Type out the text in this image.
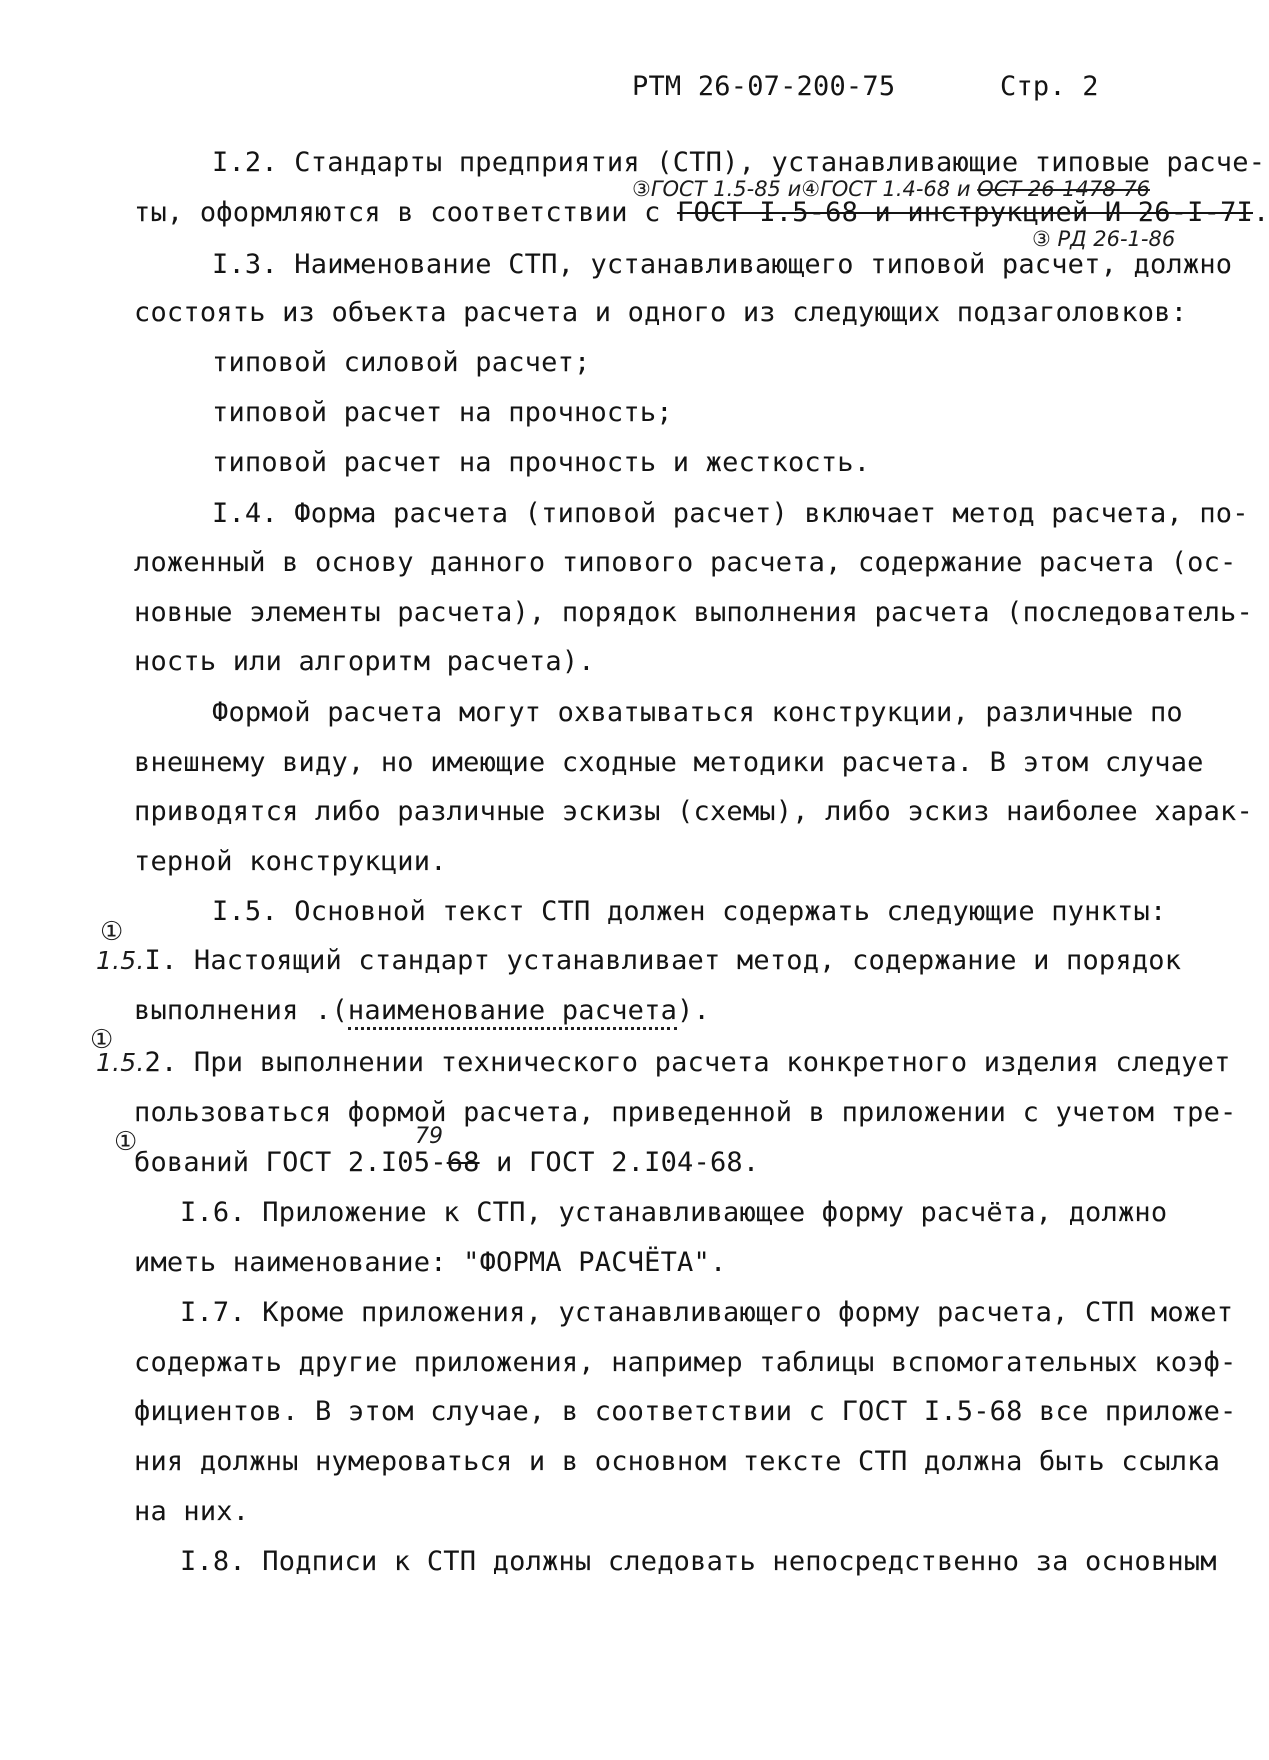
РТМ 26-07-200-75	Стр. 2
I.2. Стандарты предприятия (СТП), устанавливающие типовые расче-
③ГОСТ 1.5-85 и④ГОСТ 1.4-68 и ОСТ 26-1478-76
ты, оформляются в соответствии с ГОСТ I.5-68 и инструкцией И 26-I-7I.
③ РД 26-1-86
I.3. Наименование СТП, устанавливающего типовой расчет, должно
состоять из объекта расчета и одного из следующих подзаголовков:
типовой силовой расчет;
типовой расчет на прочность;
типовой расчет на прочность и жесткость.
I.4. Форма расчета (типовой расчет) включает метод расчета, по-
ложенный в основу данного типового расчета, содержание расчета (ос-
новные элементы расчета), порядок выполнения расчета (последователь-
ность или алгоритм расчета).
Формой расчета могут охватываться конструкции, различные по
внешнему виду, но имеющие сходные методики расчета. В этом случае
приводятся либо различные эскизы (схемы), либо эскиз наиболее харак-
терной конструкции.
I.5. Основной текст СТП должен содержать следующие пункты:
①
1.5.I. Настоящий стандарт устанавливает метод, содержание и порядок
выполнения .(наименование расчета).
①
1.5.2. При выполнении технического расчета конкретного изделия следует
пользоваться формой расчета, приведенной в приложении с учетом тре-
①	79
бований ГОСТ 2.I05-68 и ГОСТ 2.I04-68.
I.6. Приложение к СТП, устанавливающее форму расчёта, должно
иметь наименование: "ФОРМА РАСЧЁТА".
I.7. Кроме приложения, устанавливающего форму расчета, СТП может
содержать другие приложения, например таблицы вспомогательных коэф-
фициентов. В этом случае, в соответствии с ГОСТ I.5-68 все приложе-
ния должны нумероваться и в основном тексте СТП должна быть ссылка
на них.
I.8. Подписи к СТП должны следовать непосредственно за основным
